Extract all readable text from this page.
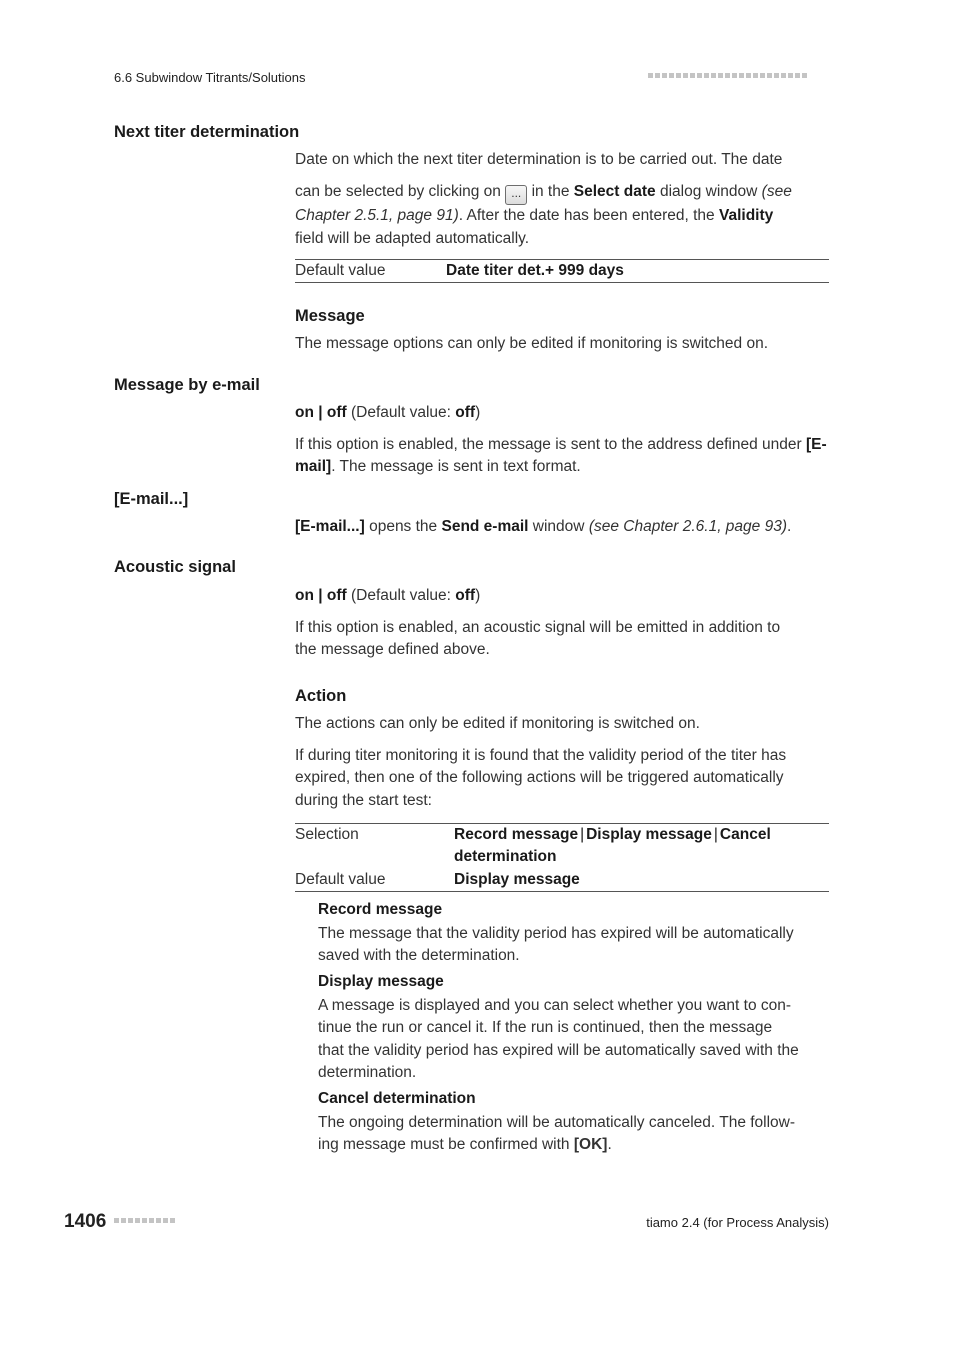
6.6 Subwindow Titrants/Solutions
Next titer determination
Date on which the next titer determination is to be carried out. The date
can be selected by clicking on ... in the Select date dialog window (see
Chapter 2.5.1, page 91). After the date has been entered, the Validity
field will be adapted automatically.
Default value	Date titer det.+ 999 days
Message
The message options can only be edited if monitoring is switched on.
Message by e-mail
on | off (Default value: off)
If this option is enabled, the message is sent to the address defined under [E-mail]. The message is sent in text format.
[E-mail...]
[E-mail...] opens the Send e-mail window (see Chapter 2.6.1, page 93).
Acoustic signal
on | off (Default value: off)
If this option is enabled, an acoustic signal will be emitted in addition to
the message defined above.
Action
The actions can only be edited if monitoring is switched on.
If during titer monitoring it is found that the validity period of the titer has
expired, then one of the following actions will be triggered automatically
during the start test:
Selection	Record message | Display message | Cancel
determination
Default value	Display message
Record message
The message that the validity period has expired will be automatically
saved with the determination.
Display message
A message is displayed and you can select whether you want to con-
tinue the run or cancel it. If the run is continued, then the message
that the validity period has expired will be automatically saved with the
determination.
Cancel determination
The ongoing determination will be automatically canceled. The follow-
ing message must be confirmed with [OK].
1406	tiamo 2.4 (for Process Analysis)
